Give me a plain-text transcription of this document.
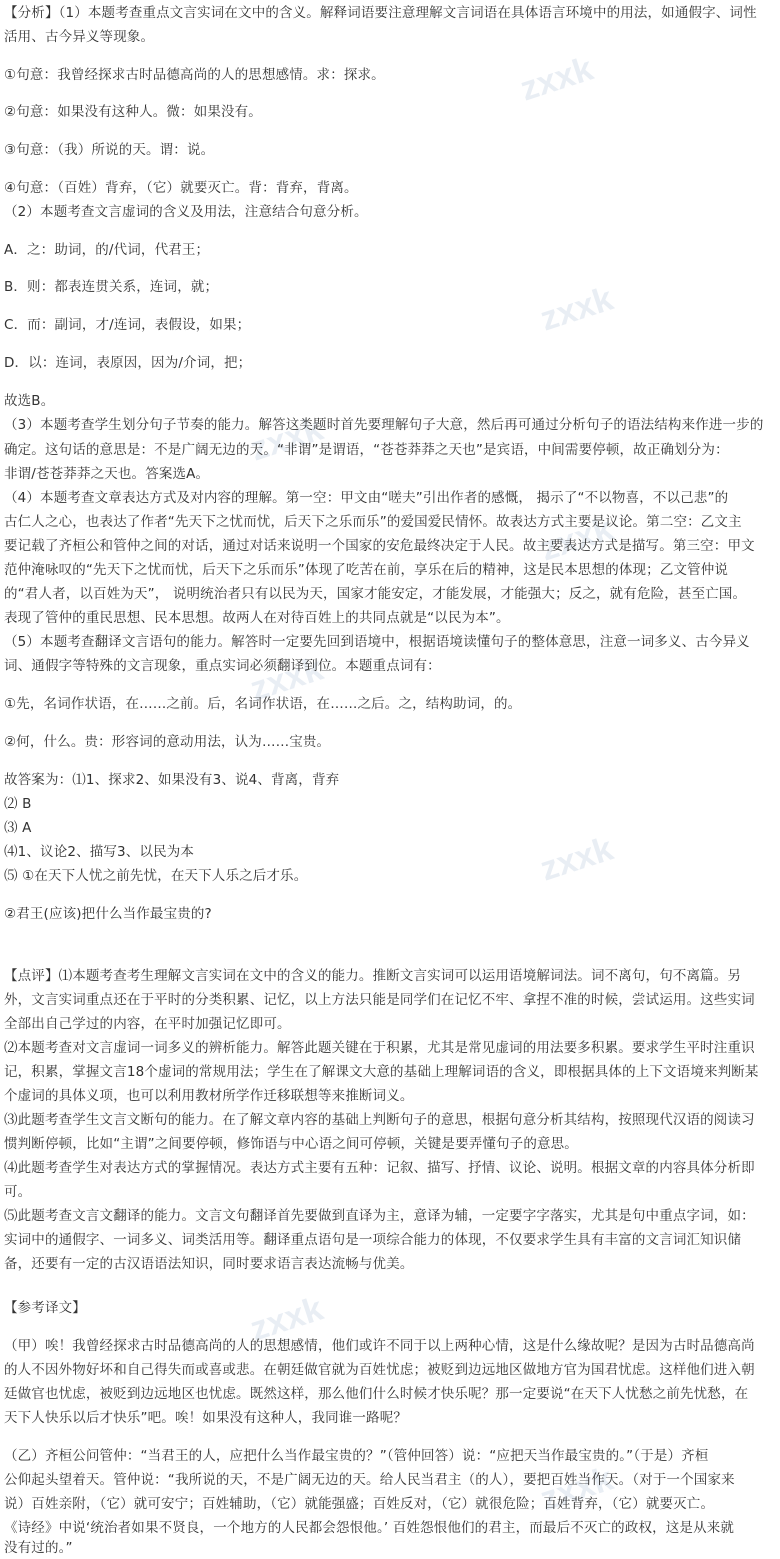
zxxk
zxxk
zxxk
zxxk
zxxk
zxxk
zxxk
zxxk
【分析】（1）本题考查重点文言实词在文中的含义。解释词语要注意理解文言词语在具体语言环境中的用法，如通假字、词性
活用、古今异义等现象。
①句意：我曾经探求古时品德高尚的人的思想感情。求：探求。
②句意：如果没有这种人。微：如果没有。
③句意：（我）所说的天。谓：说。
④句意：（百姓）背弃，（它）就要灭亡。背：背弃，背离。
（2）本题考查文言虚词的含义及用法，注意结合句意分析。
A．之：助词，的/代词，代君王；
B．则：都表连贯关系，连词，就；
C．而：副词，才/连词，表假设，如果；
D．以：连词，表原因，因为/介词，把；
故选B。
（3）本题考查学生划分句子节奏的能力。解答这类题时首先要理解句子大意，然后再可通过分析句子的语法结构来作进一步的
确定。这句话的意思是：不是广阔无边的天。“非谓”是谓语，“苍苍莽莽之天也”是宾语，中间需要停顿，故正确划分为：
非谓/苍苍莽莽之天也。答案选A。
（4）本题考查文章表达方式及对内容的理解。第一空：甲文由“嗟夫”引出作者的感慨， 揭示了“不以物喜，不以己悲”的
古仁人之心，也表达了作者“先天下之忧而忧，后天下之乐而乐”的爱国爱民情怀。故表达方式主要是议论。第二空：乙文主
要记载了齐桓公和管仲之间的对话，通过对话来说明一个国家的安危最终决定于人民。故主要表达方式是描写。第三空：甲文
范仲淹咏叹的“先天下之忧而忧，后天下之乐而乐”体现了吃苦在前，享乐在后的精神，这是民本思想的体现；乙文管仲说
的“君人者，以百姓为天”， 说明统治者只有以民为天，国家才能安定，才能发展，才能强大；反之，就有危险，甚至亡国。
表现了管仲的重民思想、民本思想。故两人在对待百姓上的共同点就是“以民为本”。
（5）本题考查翻译文言语句的能力。解答时一定要先回到语境中，根据语境读懂句子的整体意思，注意一词多义、古今异义
词、通假字等特殊的文言现象，重点实词必须翻译到位。本题重点词有：
①先，名词作状语，在……之前。后，名词作状语，在……之后。之，结构助词，的。
②何，什么。贵：形容词的意动用法，认为……宝贵。
故答案为：⑴1、探求2、如果没有3、说4、背离，背弃
⑵ B
⑶ A
⑷1、议论2、描写3、以民为本
⑸ ①在天下人忧之前先忧，在天下人乐之后才乐。
②君王(应该)把什么当作最宝贵的?
【点评】⑴本题考查考生理解文言实词在文中的含义的能力。推断文言实词可以运用语境解词法。词不离句，句不离篇。另
外，文言实词重点还在于平时的分类积累、记忆，以上方法只能是同学们在记忆不牢、拿捏不准的时候，尝试运用。这些实词
全部出自己学过的内容，在平时加强记忆即可。
⑵本题考查对文言虚词一词多义的辨析能力。解答此题关键在于积累，尤其是常见虚词的用法要多积累。要求学生平时注重识
记，积累，掌握文言18个虚词的常规用法；学生在了解课文大意的基础上理解词语的含义，即根据具体的上下文语境来判断某
个虚词的具体义项，也可以利用教材所学作迁移联想等来推断词义。
⑶此题考查学生文言文断句的能力。在了解文章内容的基础上判断句子的意思，根据句意分析其结构，按照现代汉语的阅读习
惯判断停顿，比如“主谓”之间要停顿，修饰语与中心语之间可停顿，关键是要弄懂句子的意思。
⑷此题考查学生对表达方式的掌握情况。表达方式主要有五种：记叙、描写、抒情、议论、说明。根据文章的内容具体分析即
可。
⑸此题考查文言文翻译的能力。文言文句翻译首先要做到直译为主，意译为辅，一定要字字落实，尤其是句中重点字词，如：
实词中的通假字、一词多义、词类活用等。翻译重点语句是一项综合能力的体现，不仅要求学生具有丰富的文言词汇知识储
备，还要有一定的古汉语语法知识，同时要求语言表达流畅与优美。
【参考译文】
（甲）唉！我曾经探求古时品德高尚的人的思想感情，他们或许不同于以上两种心情，这是什么缘故呢？是因为古时品德高尚
的人不因外物好坏和自己得失而或喜或悲。在朝廷做官就为百姓忧虑；被贬到边远地区做地方官为国君忧虑。这样他们进入朝
廷做官也忧虑，被贬到边远地区也忧虑。既然这样，那么他们什么时候才快乐呢？那一定要说“在天下人忧愁之前先忧愁，在
天下人快乐以后才快乐”吧。唉！如果没有这种人，我同谁一路呢？
（乙）齐桓公问管仲：“当君王的人，应把什么当作最宝贵的？”（管仲回答）说：“应把天当作最宝贵的。”（于是）齐桓
公仰起头望着天。管仲说：“我所说的天，不是广阔无边的天。给人民当君主（的人），要把百姓当作天。（对于一个国家来
说）百姓亲附，（它）就可安宁；百姓辅助，（它）就能强盛；百姓反对，（它）就很危险；百姓背弃，（它）就要灭亡。
《诗经》中说‘统治者如果不贤良，一个地方的人民都会怨恨他。’ 百姓怨恨他们的君主，而最后不灭亡的政权，这是从来就
没有过的。”
